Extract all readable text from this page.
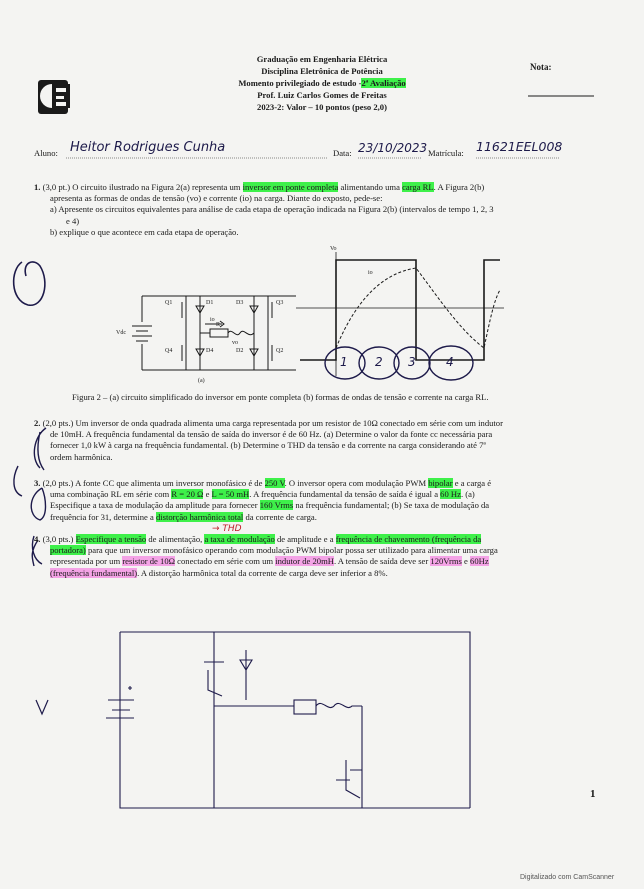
Graduação em Engenharia Elétrica
Disciplina Eletrônica de Potência
Momento privilegiado de estudo -2ª Avaliação
Prof. Luiz Carlos Gomes de Freitas
2023-2: Valor – 10 pontos (peso 2,0)
Nota:
UE
Aluno: Heitor Rodrigues Cunha	Data: 23/10/2023 Matrícula: 11621EEL008
1. (3,0 pt.) O circuito ilustrado na Figura 2(a) representa um inversor em ponte completa alimentando uma carga RL. A Figura 2(b)
apresenta as formas de ondas de tensão (vo) e corrente (io) na carga. Diante do exposto, pede-se:
a) Apresente os circuitos equivalentes para análise de cada etapa de operação indicada na Figura 2(b) (intervalos de tempo 1, 2, 3
e 4)
b) explique o que acontece em cada etapa de operação.
Q1	D1	D3	Q3
Q4	D4	D2	Q2
Vdc
io
vo
R
(a)
Vo
io
1 2 3	4
Figura 2 – (a) circuito simplificado do inversor em ponte completa (b) formas de ondas de tensão e corrente na carga RL.
2. (2,0 pts.) Um inversor de onda quadrada alimenta uma carga representada por um resistor de 10Ω conectado em série com um indutor
de 10mH. A frequência fundamental da tensão de saída do inversor é de 60 Hz. (a) Determine o valor da fonte cc necessária para
fornecer 1,0 kW à carga na frequência fundamental. (b) Determine o THD da tensão e da corrente na carga considerando até 7ª
ordem harmônica.
3. (2,0 pts.) A fonte CC que alimenta um inversor monofásico é de 250 V. O inversor opera com modulação PWM bipolar e a carga é
uma combinação RL em série com R = 20 Ω e L = 50 mH. A frequência fundamental da tensão de saída é igual a 60 Hz. (a)
Especifique a taxa de modulação da amplitude para fornecer 160 Vrms na frequência fundamental; (b) Se taxa de modulação da
frequência for 31, determine a distorção harmônica total da corrente de carga.
→ THD
4. (3,0 pts.) Especifique a tensão de alimentação, a taxa de modulação de amplitude e a frequência de chaveamento (frequência da
portadora) para que um inversor monofásico operando com modulação PWM bipolar possa ser utilizado para alimentar uma carga
representada por um resistor de 10Ω conectado em série com um indutor de 20mH. A tensão de saída deve ser 120Vrms e 60Hz
(frequência fundamental). A distorção harmônica total da corrente de carga deve ser inferior a 8%.
1
Digitalizado com CamScanner
